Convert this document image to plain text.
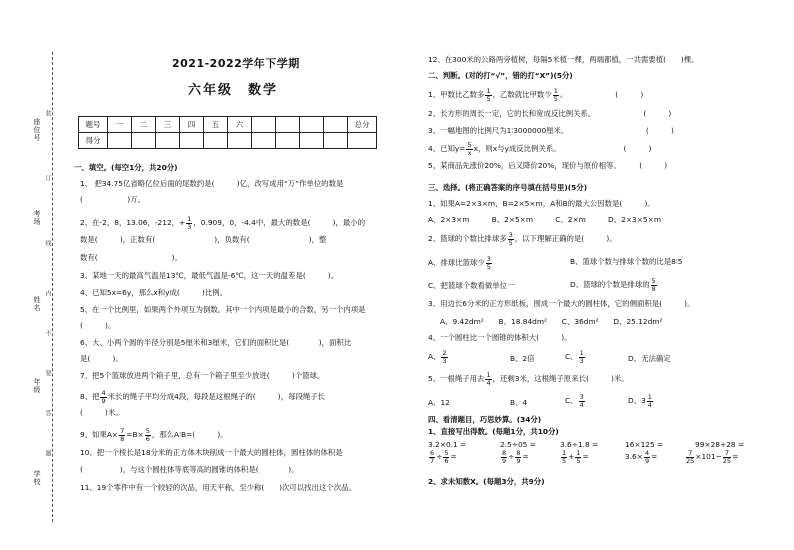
学校
年级
姓名
考场
座位号
装
订
线
内
不
要
答
题
2021-2022学年下学期
六年级　数学
题号	一	二	三	四	五	六					总分
得分											
一、填空。(每空1分，共20分)
1、 把34.75亿省略亿位后面的尾数约是(　　　)亿，改写成用“万”作单位的数是
(　　　　　　)万。
2、在-2，8，13.06，-212，+ $\frac{1}{3}$ ，0.909，0，-4.4中，最大的数是(　　　)，最小的
数是(　　　)，正数有(　　　　　　　　)，负数有(　　　　　　　　)，整
数有(　　　　　　　　　　)。
3、某地一天的最高气温是13℃，最低气温是-6℃，这一天的温差是(　　　)。
4、已知5x=6y，那么x和y成(　　　)比例。
5、在一个比例里，如果两个外项互为倒数，其中一个内项是最小的合数，另一个内项是
(　　　)。
6、大、小两个圆的半径分别是5厘米和3厘米，它们的面积比是(　　　　)，面积比
是(　　　)。
7、把5个篮球放进两个箱子里，总有一个箱子里至少放进(　　　)个篮球。
8、把 $\frac{4}{9}$ 米长的绳子平均分成4段，每段是这根绳子的(　　　)，每段绳子长
(　　　)米。
9、如果$A\times \frac{7}{8} =B\times \frac{5}{6}$ ，那么A∶B=(　　　)。
10、把一个棱长是18分米的正方体木块削成一个最大的圆柱体，圆柱体的体积是
(　　　　　)，与这个圆柱体等底等高的圆锥的体积是(　　　　)。
11、19个零件中有一个较轻的次品，用天平称，至少称(　　)次可以找出这个次品。
12、在300米的公路两旁植树，每隔5米植一棵，两端都植，一共需要植(　　)棵。
二、判断。(对的打“√”，错的打“X”)(5分)
1、甲数比乙数多 $\frac{1}{5}$ ，乙数就比甲数少 $\frac{1}{5}$ 。　　　　　　　(　　　)
2、长方形的周长一定，它的长和宽成反比例关系。　　　　　　　(　　　)
3、一幅地图的比例尺为1∶3000000厘米。　　　　　　　　　　　(　　　)
4、已知$y= \frac{5}{x}$ x，则x与y成反比例关系。　　　　　　　　　(　　　)
5、某商品先涨价20%，后又降价20%，现价与原价相等。　　　(　　　)
三、选择。(将正确答案的序号填在括号里)(5分)
1、如果A=2×3×m，B=2×5×m，A和B的最大公因数是(　　　)。
A、2×3×m　　　B、2×5×m　　　C、2×m　　　D、2×3×5×m
2、篮球的个数比排球多 $\frac{3}{5}$ ，以下理解正确的是(　　　)。
A、排球比篮球少 $\frac{3}{5}$	B、篮球个数与排球个数的比是8∶5
C、把篮球个数看做单位一	D、篮球的个数是排球的 $\frac{5}{8}$
3、用边长6分米的正方形纸板，围成一个最大的圆柱体，它的侧面积是(　　　)。
A、9.42dm²　　B、18.84dm²　　C、36dm²　　D、25.12dm²
4、一个圆柱比一个圆锥的体积大(　　　)。
A、 $\frac{2}{3}$	B、2倍	C、 $\frac{1}{3}$	D、无法确定
5、一根绳子用去 $\frac{1}{4}$ ，还剩3米，这根绳子原来长(　　　)米。
A、12	B、4	C、 $\frac{3}{4}$	D、$3 \frac{1}{4}$
四、看清题目，巧思妙算。(34分)
1、直接写出得数。(每题1分，共10分)
3.2×0.1 =	2.5÷05 =	3.6÷1.8 =	16×125 =	99×28+28 =
$\frac{6}{7} \div \frac{5}{6}$ =	$\frac{8}{9} \div \frac{8}{9}$ =	$\frac{1}{5} + \frac{1}{5}$ =	$3.6\times \frac{4}{9}$ =	$\frac{7}{25} \times 101- \frac{7}{25}$ =
2、求未知数X。(每题3分，共9分)
